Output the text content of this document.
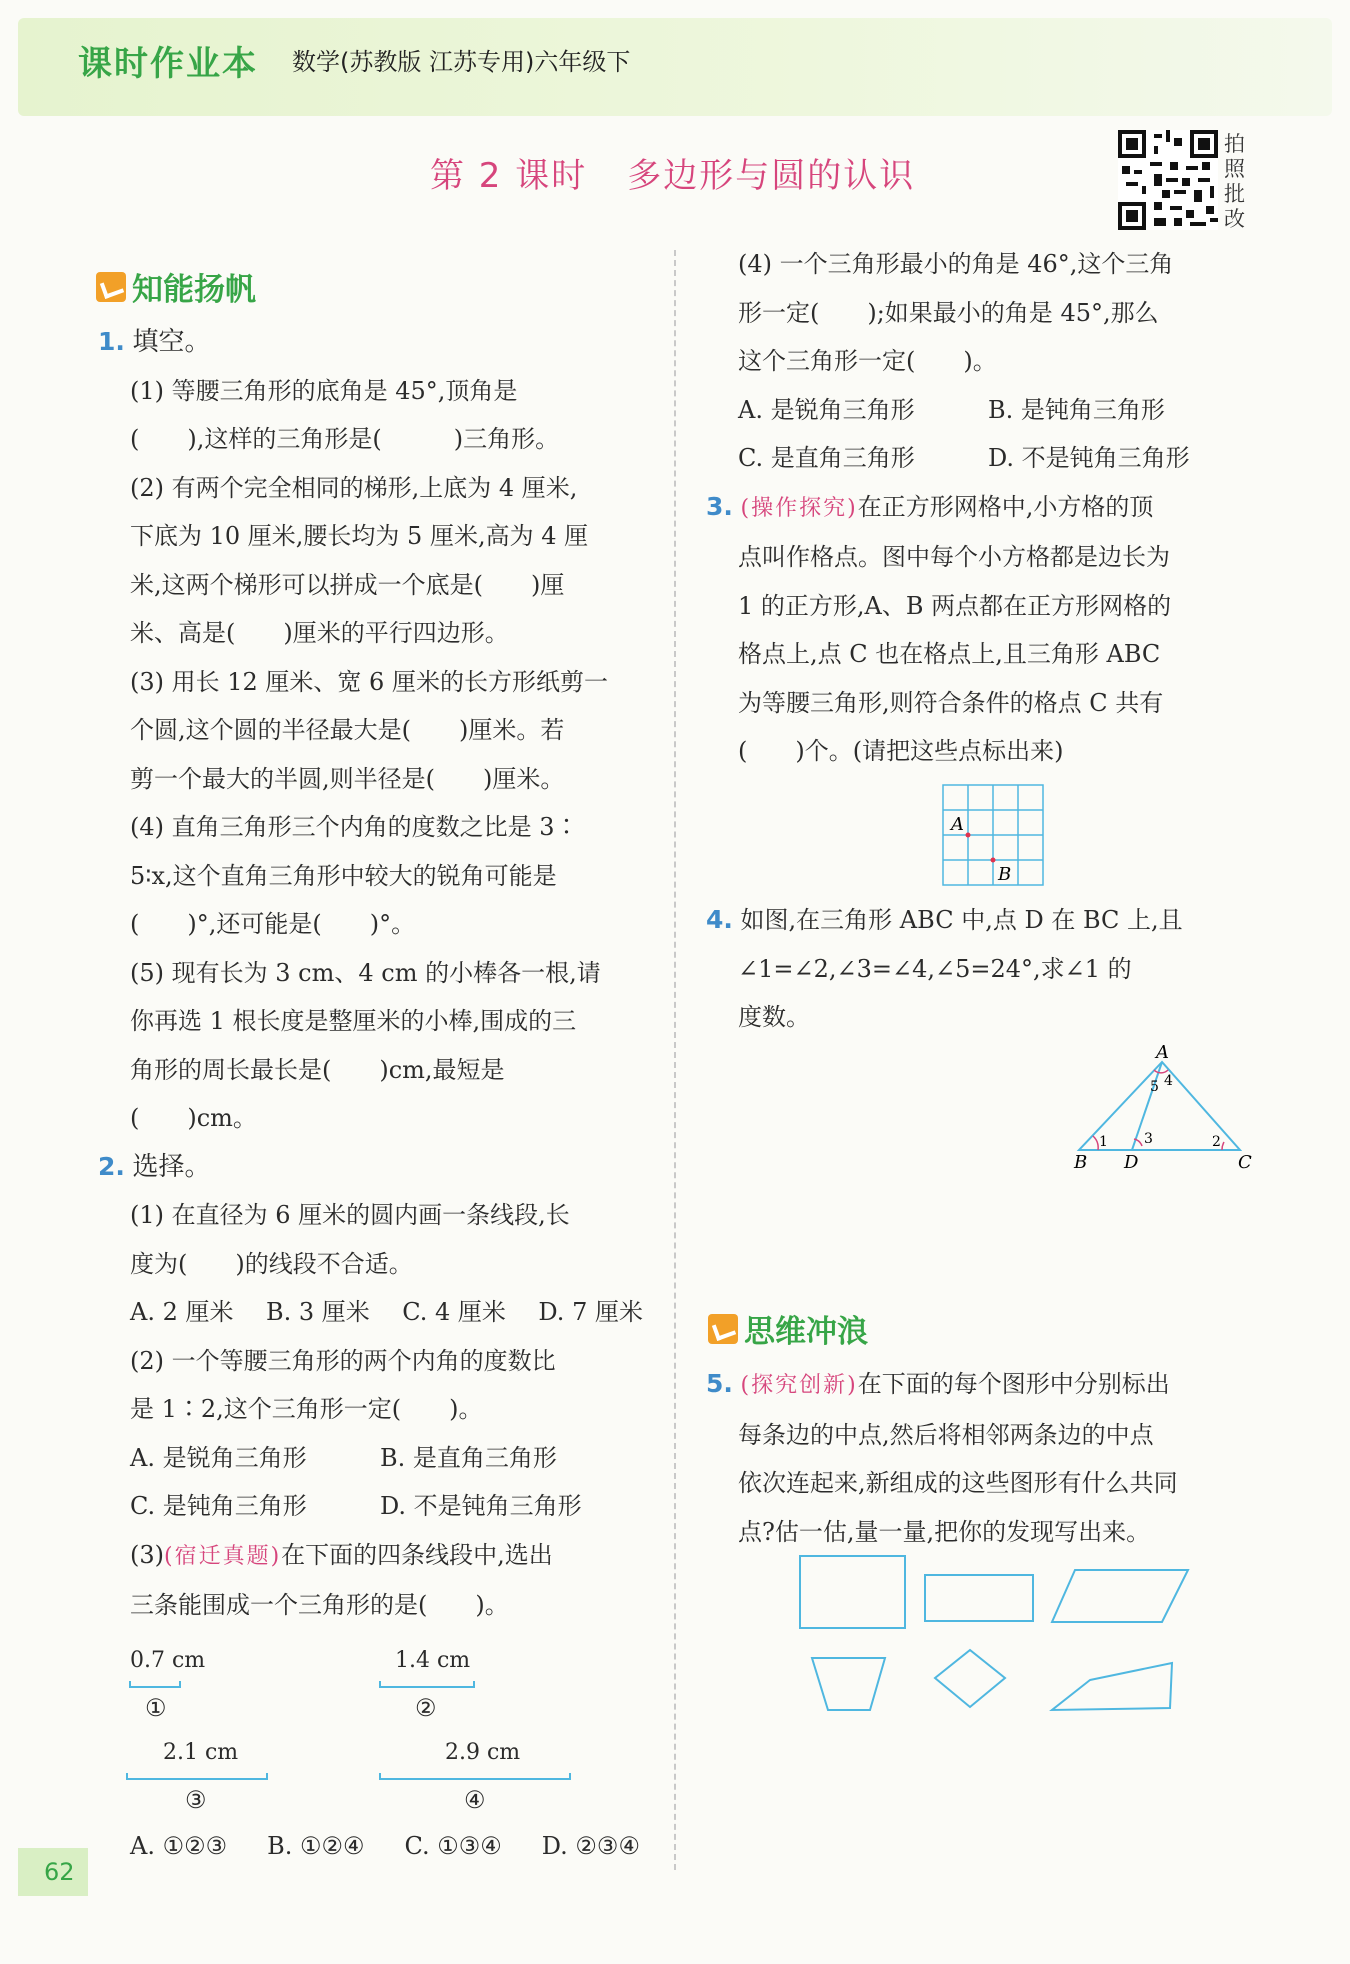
课时作业本 数学(苏教版 江苏专用)六年级下
第 2 课时 多边形与圆的认识
拍照批改
知能扬帆
1. 填空。
(1) 等腰三角形的底角是 45°,顶角是
(　　),这样的三角形是(　　　)三角形。
(2) 有两个完全相同的梯形,上底为 4 厘米,
下底为 10 厘米,腰长均为 5 厘米,高为 4 厘
米,这两个梯形可以拼成一个底是(　　)厘
米、高是(　　)厘米的平行四边形。
(3) 用长 12 厘米、宽 6 厘米的长方形纸剪一
个圆,这个圆的半径最大是(　　)厘米。若
剪一个最大的半圆,则半径是(　　)厘米。
(4) 直角三角形三个内角的度数之比是 3∶
5∶x,这个直角三角形中较大的锐角可能是
(　　)°,还可能是(　　)°。
(5) 现有长为 3 cm、4 cm 的小棒各一根,请
你再选 1 根长度是整厘米的小棒,围成的三
角形的周长最长是(　　)cm,最短是
(　　)cm。
2. 选择。
(1) 在直径为 6 厘米的圆内画一条线段,长
度为(　　)的线段不合适。
A. 2 厘米 B. 3 厘米 C. 4 厘米 D. 7 厘米
(2) 一个等腰三角形的两个内角的度数比
是 1∶2,这个三角形一定(　　)。
A. 是锐角三角形	B. 是直角三角形
C. 是钝角三角形	D. 不是钝角三角形
(3)(宿迁真题)在下面的四条线段中,选出
三条能围成一个三角形的是(　　)。
0.7 cm
①
1.4 cm
②
2.1 cm
③
2.9 cm
④
A. ①②③ B. ①②④ C. ①③④ D. ②③④
(4) 一个三角形最小的角是 46°,这个三角
形一定(　　);如果最小的角是 45°,那么
这个三角形一定(　　)。
A. 是锐角三角形	B. 是钝角三角形
C. 是直角三角形	D. 不是钝角三角形
3. (操作探究)在正方形网格中,小方格的顶
点叫作格点。图中每个小方格都是边长为
1 的正方形,A、B 两点都在正方形网格的
格点上,点 C 也在格点上,且三角形 ABC
为等腰三角形,则符合条件的格点 C 共有
(　　)个。(请把这些点标出来)
A
B
4. 如图,在三角形 ABC 中,点 D 在 BC 上,且
∠1=∠2,∠3=∠4,∠5=24°,求∠1 的
度数。
A
B	C
D
1	2
3
4
5
思维冲浪
5. (探究创新)在下面的每个图形中分别标出
每条边的中点,然后将相邻两条边的中点
依次连起来,新组成的这些图形有什么共同
点?估一估,量一量,把你的发现写出来。
62
